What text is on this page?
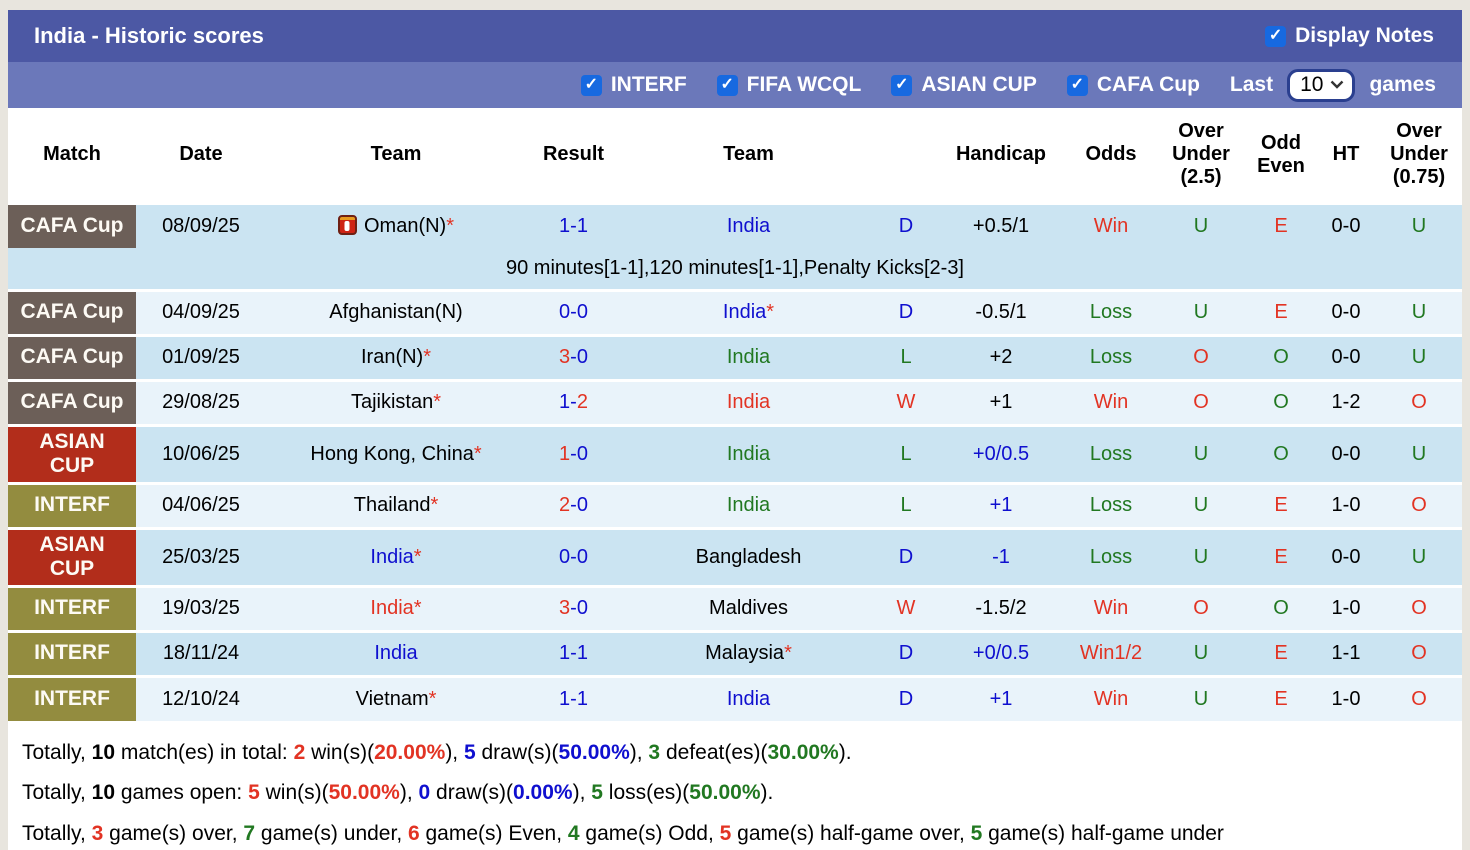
India - Historic scores	✓ Display Notes
✓ INTERF ✓ FIFA WCQL ✓ ASIAN CUP ✓ CAFA Cup Last 10 games
Match	Date	Team	Result	Team		Handicap	Odds	Over Under (2.5)	Odd Even	HT	Over Under (0.75)

CAFA Cup	08/09/25	Oman(N)*	1-1	India	D	+0.5/1	Win	U	E	0-0	U
90 minutes[1-1],120 minutes[1-1],Penalty Kicks[2-3]											

CAFA Cup	04/09/25	Afghanistan(N)	0-0	India*	D	-0.5/1	Loss	U	E	0-0	U

CAFA Cup	01/09/25	Iran(N)*	3-0	India	L	+2	Loss	O	O	0-0	U

CAFA Cup	29/08/25	Tajikistan*	1-2	India	W	+1	Win	O	O	1-2	O

ASIAN
CUP	10/06/25	Hong Kong, China*	1-0	India	L	+0/0.5	Loss	U	O	0-0	U

INTERF	04/06/25	Thailand*	2-0	India	L	+1	Loss	U	E	1-0	O

ASIAN
CUP	25/03/25	India*	0-0	Bangladesh	D	-1	Loss	U	E	0-0	U

INTERF	19/03/25	India*	3-0	Maldives	W	-1.5/2	Win	O	O	1-0	O

INTERF	18/11/24	India	1-1	Malaysia*	D	+0/0.5	Win1/2	U	E	1-1	O

INTERF	12/10/24	Vietnam*	1-1	India	D	+1	Win	U	E	1-0	O
Totally, 10 match(es) in total: 2 win(s)(20.00%), 5 draw(s)(50.00%), 3 defeat(es)(30.00%).
Totally, 10 games open: 5 win(s)(50.00%), 0 draw(s)(0.00%), 5 loss(es)(50.00%).
Totally, 3 game(s) over, 7 game(s) under, 6 game(s) Even, 4 game(s) Odd, 5 game(s) half-game over, 5 game(s) half-game under
